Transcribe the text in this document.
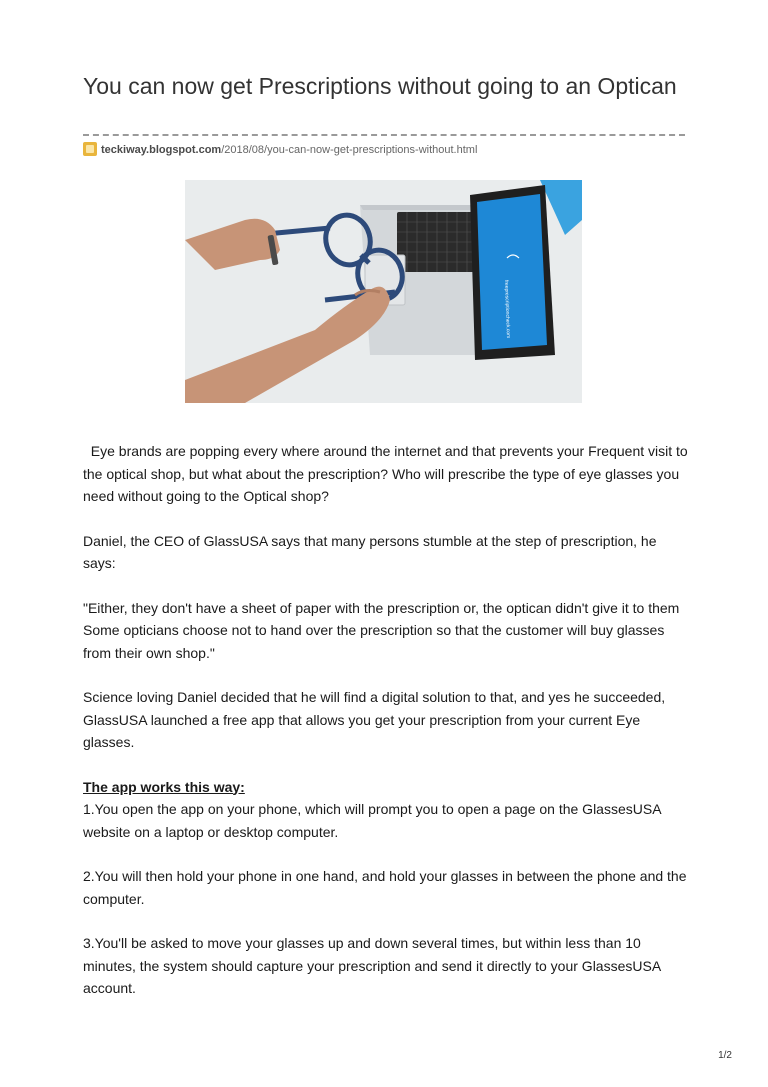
You can now get Prescriptions without going to an Optican
teckiway.blogspot.com/2018/08/you-can-now-get-prescriptions-without.html
freeprescriptioncheck.com

Eye brands are popping every where around the internet and that prevents your Frequent visit to the optical shop, but what about the prescription? Who will prescribe the type of eye glasses you need without going to the Optical shop?

Daniel, the CEO of GlassUSA says that many persons stumble at the step of prescription, he says:

"Either, they don't have a sheet of paper with the prescription or, the optican didn't give it to them Some opticians choose not to hand over the prescription so that the customer will buy glasses from their own shop."

Science loving Daniel decided that he will find a digital solution to that, and yes he succeeded, GlassUSA launched a free app that allows you get your prescription from your current Eye glasses.

The app works this way:
1.You open the app on your phone, which will prompt you to open a page on the GlassesUSA website on a laptop or desktop computer.

2.You will then hold your phone in one hand, and hold your glasses in between the phone and the computer.

3.You'll be asked to move your glasses up and down several times, but within less than 10 minutes, the system should capture your prescription and send it directly to your GlassesUSA account.

1/2
